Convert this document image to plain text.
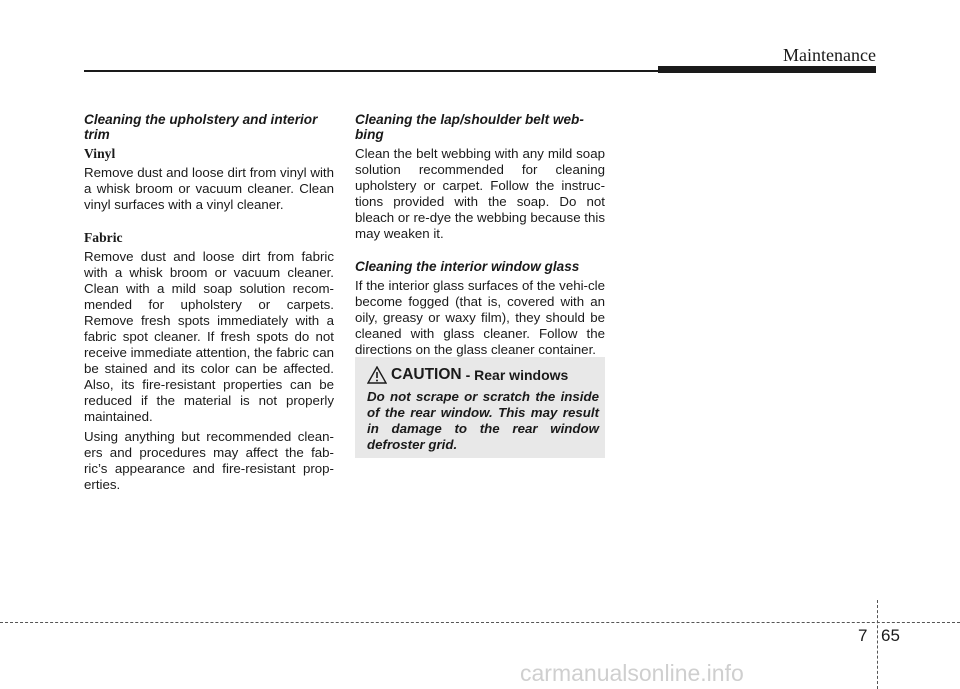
Maintenance
Cleaning the upholstery and interior trim
Vinyl

Remove dust and loose dirt from vinyl with a whisk broom or vacuum cleaner. Clean vinyl surfaces with a vinyl cleaner.

Fabric

Remove dust and loose dirt from fabric with a whisk broom or vacuum cleaner. Clean with a mild soap solution recom-mended for upholstery or carpets. Remove fresh spots immediately with a fabric spot cleaner. If fresh spots do not receive immediate attention, the fabric can be stained and its color can be affected. Also, its fire-resistant properties can be reduced if the material is not properly maintained.

Using anything but recommended clean-ers and procedures may affect the fab-ric’s appearance and fire-resistant prop-erties.

Cleaning the lap/shoulder belt web-bing

Clean the belt webbing with any mild soap solution recommended for cleaning upholstery or carpet. Follow the instruc-tions provided with the soap. Do not bleach or re-dye the webbing because this may weaken it.

Cleaning the interior window glass

If the interior glass surfaces of the vehi-cle become fogged (that is, covered with an oily, greasy or waxy film), they should be cleaned with glass cleaner. Follow the directions on the glass cleaner container.

CAUTION - Rear windows
Do not scrape or scratch the inside of the rear window. This may result in damage to the rear window defroster grid.
7 65
carmanualsonline.info
